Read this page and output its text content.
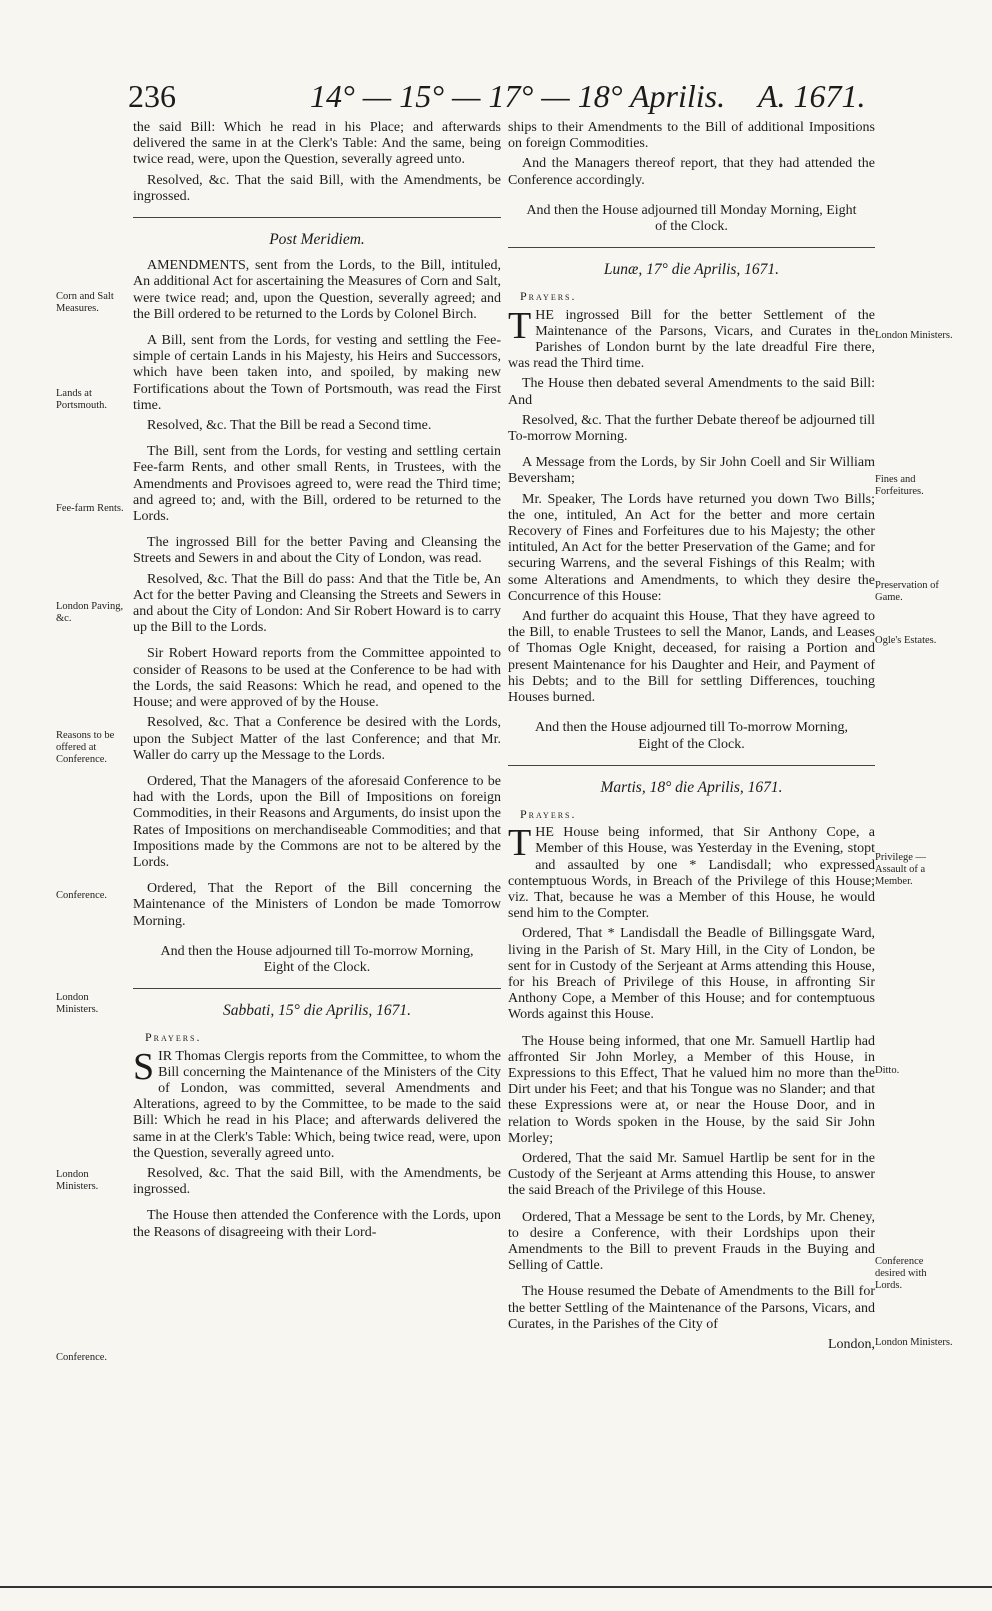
236	14° — 15° — 17° — 18° Aprilis. A. 1671.
Corn and Salt Measures.
Lands at Portsmouth.
Fee-farm Rents.
London Paving, &c.
Reasons to be offered at Conference.
Conference.
London Ministers.
London Ministers.
Conference.
London Ministers.
Fines and Forfeitures.
Preservation of Game.
Ogle's Estates.
Privilege — Assault of a Member.
Ditto.
Conference desired with Lords.
London Ministers.

the said Bill: Which he read in his Place; and afterwards delivered the same in at the Clerk's Table: And the same, being twice read, were, upon the Question, severally agreed unto.

Resolved, &c. That the said Bill, with the Amendments, be ingrossed.

Post Meridiem.

AMENDMENTS, sent from the Lords, to the Bill, intituled, An additional Act for ascertaining the Measures of Corn and Salt, were twice read; and, upon the Question, severally agreed; and the Bill ordered to be returned to the Lords by Colonel Birch.

A Bill, sent from the Lords, for vesting and settling the Fee-simple of certain Lands in his Majesty, his Heirs and Successors, which have been taken into, and spoiled, by making new Fortifications about the Town of Portsmouth, was read the First time.

Resolved, &c. That the Bill be read a Second time.

The Bill, sent from the Lords, for vesting and settling certain Fee-farm Rents, and other small Rents, in Trustees, with the Amendments and Provisoes agreed to, were read the Third time; and agreed to; and, with the Bill, ordered to be returned to the Lords.

The ingrossed Bill for the better Paving and Cleansing the Streets and Sewers in and about the City of London, was read.

Resolved, &c. That the Bill do pass: And that the Title be, An Act for the better Paving and Cleansing the Streets and Sewers in and about the City of London: And Sir Robert Howard is to carry up the Bill to the Lords.

Sir Robert Howard reports from the Committee appointed to consider of Reasons to be used at the Conference to be had with the Lords, the said Reasons: Which he read, and opened to the House; and were approved of by the House.

Resolved, &c. That a Conference be desired with the Lords, upon the Subject Matter of the last Conference; and that Mr. Waller do carry up the Message to the Lords.

Ordered, That the Managers of the aforesaid Conference to be had with the Lords, upon the Bill of Impositions on foreign Commodities, in their Reasons and Arguments, do insist upon the Rates of Impositions on merchandiseable Commodities; and that Impositions made by the Commons are not to be altered by the Lords.

Ordered, That the Report of the Bill concerning the Maintenance of the Ministers of London be made Tomorrow Morning.

And then the House adjourned till To-morrow Morning, Eight of the Clock.
Sabbati, 15° die Aprilis, 1671.
Prayers.

SIR Thomas Clergis reports from the Committee, to whom the Bill concerning the Maintenance of the Ministers of the City of London, was committed, several Amendments and Alterations, agreed to by the Committee, to be made to the said Bill: Which he read in his Place; and afterwards delivered the same in at the Clerk's Table: Which, being twice read, were, upon the Question, severally agreed unto.

Resolved, &c. That the said Bill, with the Amendments, be ingrossed.

The House then attended the Conference with the Lords, upon the Reasons of disagreeing with their Lord-

ships to their Amendments to the Bill of additional Impositions on foreign Commodities.

And the Managers thereof report, that they had attended the Conference accordingly.

And then the House adjourned till Monday Morning, Eight of the Clock.
Lunæ, 17° die Aprilis, 1671.
Prayers.

THE ingrossed Bill for the better Settlement of the Maintenance of the Parsons, Vicars, and Curates in the Parishes of London burnt by the late dreadful Fire there, was read the Third time.

The House then debated several Amendments to the said Bill: And

Resolved, &c. That the further Debate thereof be adjourned till To-morrow Morning.

A Message from the Lords, by Sir John Coell and Sir William Beversham;

Mr. Speaker, The Lords have returned you down Two Bills; the one, intituled, An Act for the better and more certain Recovery of Fines and Forfeitures due to his Majesty; the other intituled, An Act for the better Preservation of the Game; and for securing Warrens, and the several Fishings of this Realm; with some Alterations and Amendments, to which they desire the Concurrence of this House:

And further do acquaint this House, That they have agreed to the Bill, to enable Trustees to sell the Manor, Lands, and Leases of Thomas Ogle Knight, deceased, for raising a Portion and present Maintenance for his Daughter and Heir, and Payment of his Debts; and to the Bill for settling Differences, touching Houses burned.

And then the House adjourned till To-morrow Morning, Eight of the Clock.
Martis, 18° die Aprilis, 1671.
Prayers.

THE House being informed, that Sir Anthony Cope, a Member of this House, was Yesterday in the Evening, stopt and assaulted by one * Landisdall; who expressed contemptuous Words, in Breach of the Privilege of this House; viz. That, because he was a Member of this House, he would send him to the Compter.

Ordered, That * Landisdall the Beadle of Billingsgate Ward, living in the Parish of St. Mary Hill, in the City of London, be sent for in Custody of the Serjeant at Arms attending this House, for his Breach of Privilege of this House, in affronting Sir Anthony Cope, a Member of this House; and for contemptuous Words against this House.

The House being informed, that one Mr. Samuell Hartlip had affronted Sir John Morley, a Member of this House, in Expressions to this Effect, That he valued him no more than the Dirt under his Feet; and that his Tongue was no Slander; and that these Expressions were at, or near the House Door, and in relation to Words spoken in the House, by the said Sir John Morley;

Ordered, That the said Mr. Samuel Hartlip be sent for in the Custody of the Serjeant at Arms attending this House, to answer the said Breach of the Privilege of this House.

Ordered, That a Message be sent to the Lords, by Mr. Cheney, to desire a Conference, with their Lordships upon their Amendments to the Bill to prevent Frauds in the Buying and Selling of Cattle.

The House resumed the Debate of Amendments to the Bill for the better Settling of the Maintenance of the Parsons, Vicars, and Curates, in the Parishes of the City of

London,
